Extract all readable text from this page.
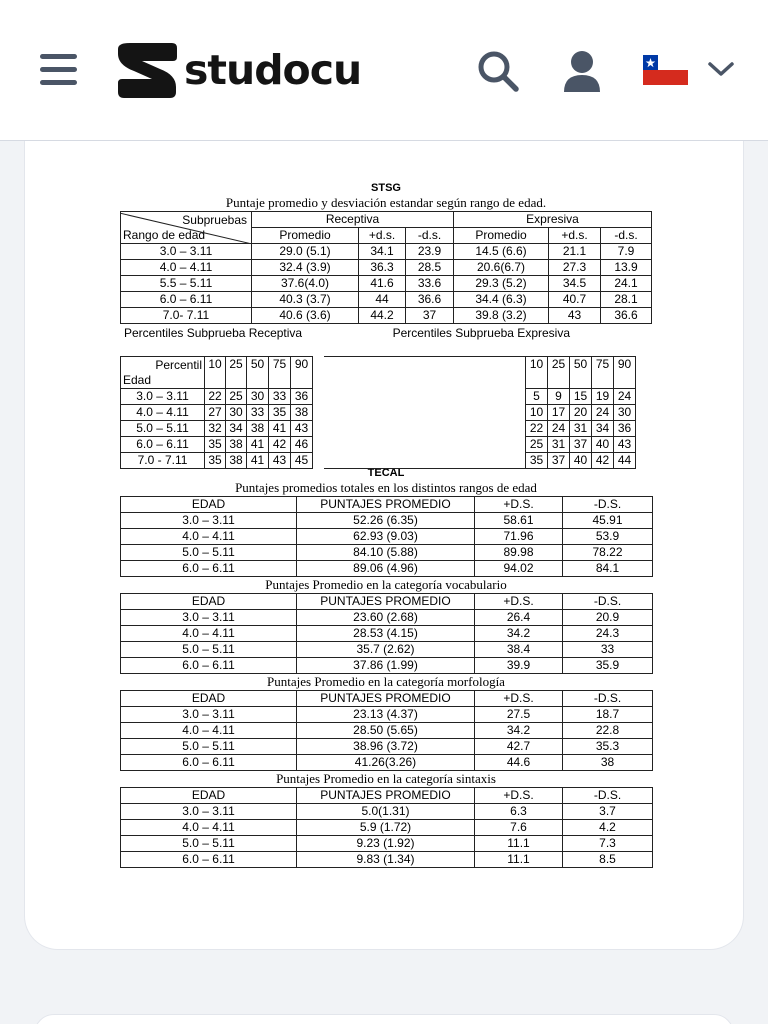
studocu
STSG
Puntaje promedio y desviación estandar según rango de edad.
Subpruebas
Rango de edad	Receptiva			Expresiva		
	Promedio	+d.s.	-d.s.	Promedio	+d.s.	-d.s.
3.0 – 3.11	29.0 (5.1)	34.1	23.9	14.5 (6.6)	21.1	7.9
4.0 – 4.11	32.4 (3.9)	36.3	28.5	20.6(6.7)	27.3	13.9
5.5 – 5.11	37.6(4.0)	41.6	33.6	29.3 (5.2)	34.5	24.1
6.0 – 6.11	40.3 (3.7)	44	36.6	34.4 (6.3)	40.7	28.1
7.0- 7.11	40.6 (3.6)	44.2	37	39.8 (3.2)	43	36.6
Percentiles Subprueba Receptiva	Percentiles Subprueba Expresiva
Percentil
Edad	10	25	50	75	90

3.0 – 3.11	22	25	30	33	36
4.0 – 4.11	27	30	33	35	38
5.0 – 5.11	32	34	38	41	43
6.0 – 6.11	35	38	41	42	46
7.0 - 7.11	35	38	41	43	45
10	25	50	75	90

5	9	15	19	24
10	17	20	24	30
22	24	31	34	36
25	31	37	40	43
35	37	40	42	44
TECAL
Puntajes promedios totales en los distintos rangos de edad
EDAD	PUNTAJES PROMEDIO	+D.S.	-D.S.
3.0 – 3.11	52.26 (6.35)	58.61	45.91
4.0 – 4.11	62.93 (9.03)	71.96	53.9
5.0 – 5.11	84.10 (5.88)	89.98	78.22
6.0 – 6.11	89.06 (4.96)	94.02	84.1
Puntajes Promedio en la categoría vocabulario
EDAD	PUNTAJES PROMEDIO	+D.S.	-D.S.
3.0 – 3.11	23.60 (2.68)	26.4	20.9
4.0 – 4.11	28.53 (4.15)	34.2	24.3
5.0 – 5.11	35.7 (2.62)	38.4	33
6.0 – 6.11	37.86 (1.99)	39.9	35.9
Puntajes Promedio en la categoría morfología
EDAD	PUNTAJES PROMEDIO	+D.S.	-D.S.
3.0 – 3.11	23.13 (4.37)	27.5	18.7
4.0 – 4.11	28.50 (5.65)	34.2	22.8
5.0 – 5.11	38.96 (3.72)	42.7	35.3
6.0 – 6.11	41.26(3.26)	44.6	38
Puntajes Promedio en la categoría sintaxis
EDAD	PUNTAJES PROMEDIO	+D.S.	-D.S.
3.0 – 3.11	5.0(1.31)	6.3	3.7
4.0 – 4.11	5.9 (1.72)	7.6	4.2
5.0 – 5.11	9.23 (1.92)	11.1	7.3
6.0 – 6.11	9.83 (1.34)	11.1	8.5
